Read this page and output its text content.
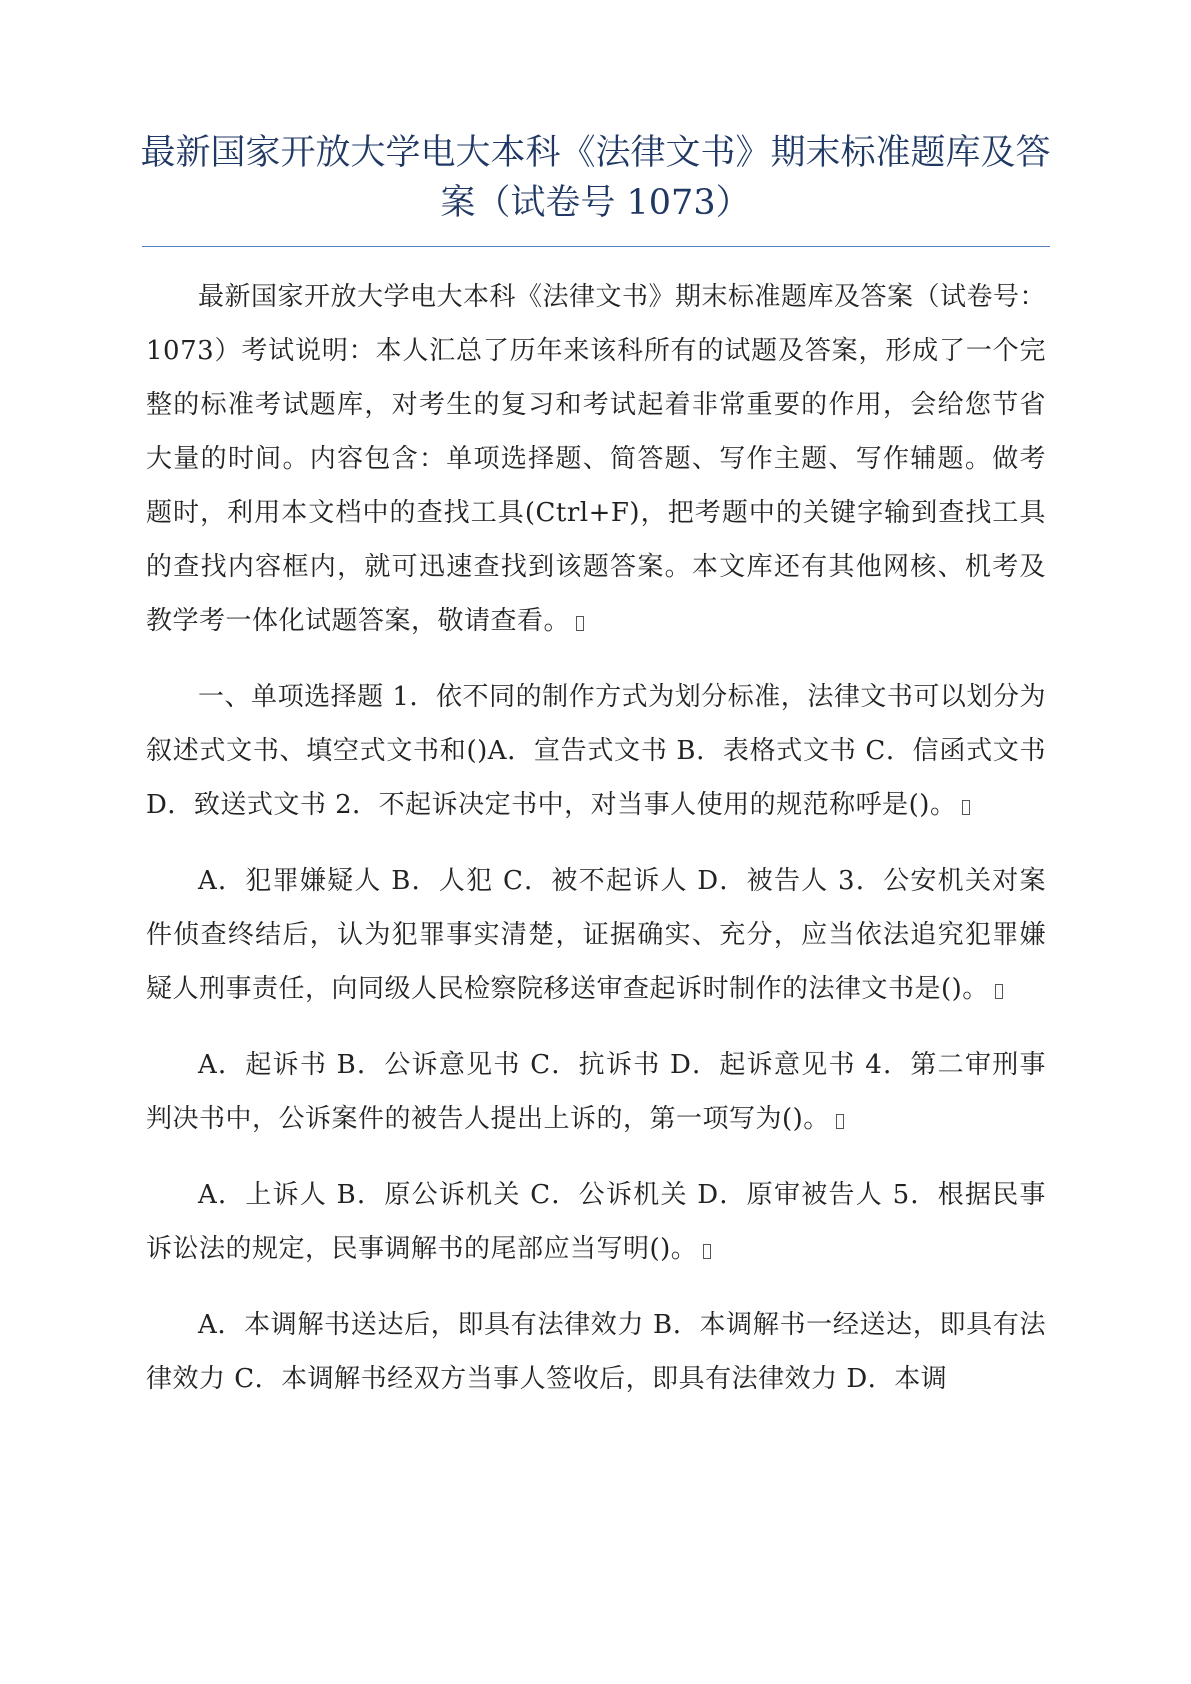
最新国家开放大学电大本科《法律文书》期末标准题库及答案（试卷号 1073）

最新国家开放大学电大本科《法律文书》期末标准题库及答案（试卷号：1073）考试说明：本人汇总了历年来该科所有的试题及答案，形成了一个完整的标准考试题库，对考生的复习和考试起着非常重要的作用，会给您节省大量的时间。内容包含：单项选择题、简答题、写作主题、写作辅题。做考题时，利用本文档中的查找工具(Ctrl+F)，把考题中的关键字输到查找工具的查找内容框内，就可迅速查找到该题答案。本文库还有其他网核、机考及教学考一体化试题答案，敬请查看。

一、单项选择题 1．依不同的制作方式为划分标准，法律文书可以划分为叙述式文书、填空式文书和()A．宣告式文书 B．表格式文书 C．信函式文书 D．致送式文书 2．不起诉决定书中，对当事人使用的规范称呼是()。

A．犯罪嫌疑人 B．人犯 C．被不起诉人 D．被告人 3．公安机关对案件侦查终结后，认为犯罪事实清楚，证据确实、充分，应当依法追究犯罪嫌疑人刑事责任，向同级人民检察院移送审查起诉时制作的法律文书是()。

A．起诉书 B．公诉意见书 C．抗诉书 D．起诉意见书 4．第二审刑事判决书中，公诉案件的被告人提出上诉的，第一项写为()。

A．上诉人 B．原公诉机关 C．公诉机关 D．原审被告人 5．根据民事诉讼法的规定，民事调解书的尾部应当写明()。

A．本调解书送达后，即具有法律效力 B．本调解书一经送达，即具有法律效力 C．本调解书经双方当事人签收后，即具有法律效力 D．本调
